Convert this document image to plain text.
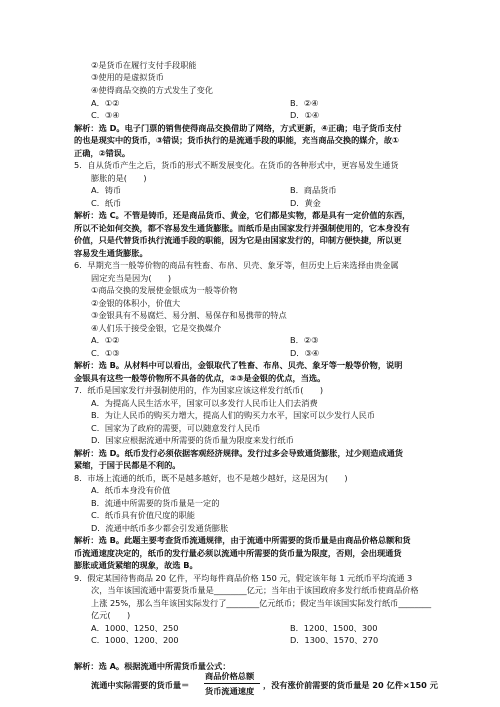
②是货币在履行支付手段职能
③使用的是虚拟货币
④使得商品交换的方式发生了变化
A．①②	B．②④
C．③④	D．①④
解析：选 D。电子门票的销售使得商品交换借助了网络，方式更新，④正确；电子货币支付
的也是现实中的货币，③错误；货币执行的是流通手段的职能，充当商品交换的媒介，故①
正确，②错误。
5．自从货币产生之后，货币的形式不断发展变化。在货币的各种形式中，更容易发生通货
膨胀的是(　　)
A．铸币	B．商品货币
C．纸币	D．黄金
解析：选 C。不管是铸币，还是商品货币、黄金，它们都是实物，都是具有一定价值的东西，
所以不论如何交换，都不容易发生通货膨胀。而纸币是由国家发行并强制使用的，它本身没有
价值，只是代替货币执行流通手段的职能，因为它是由国家发行的，印制方便快捷，所以更
容易发生通货膨胀。
6．早期充当一般等价物的商品有牲畜、布帛、贝壳、象牙等，但历史上后来选择由贵金属
固定充当是因为(　　)
①商品交换的发展使金银成为一般等价物
②金银的体积小，价值大
③金银具有不易腐烂、易分割、易保存和易携带的特点
④人们乐于接受金银，它是交换媒介
A．①②	B．②③
C．①③	D．③④
解析：选 B。从材料中可以看出，金银取代了牲畜、布帛、贝壳、象牙等一般等价物，说明
金银具有这些一般等价物所不具备的优点，②③是金银的优点，当选。
7．纸币是国家发行并强制使用的，作为国家应该这样发行纸币(　　)
A．为提高人民生活水平，国家可以多发行人民币让人们去消费
B．为让人民币的购买力增大，提高人们的购买力水平，国家可以少发行人民币
C．国家为了政府的需要，可以随意发行人民币
D．国家应根据流通中所需要的货币量为限度来发行纸币
解析：选 D。纸币发行必须依据客观经济规律。发行过多会导致通货膨胀，过少则造成通货
紧缩，于国于民都是不利的。
8．市场上流通的纸币，既不是越多越好，也不是越少越好，这是因为(　　)
A．纸币本身没有价值
B．流通中所需要的货币量是一定的
C．纸币具有价值尺度的职能
D．流通中纸币多少都会引发通货膨胀
解析：选 B。此题主要考查货币流通规律，由于流通中所需要的货币量是由商品价格总额和货
币流通速度决定的，纸币的发行量必须以流通中所需要的货币量为限度，否则，会出现通货
膨胀或通货紧缩的现象，故选 B。
9．假定某国待售商品 20 亿件，平均每件商品价格 150 元，假定该年每 1 元纸币平均流通 3
次，当年该国流通中需要货币量是________亿元；当年由于该国政府多发行纸币使商品价格
上涨 25%，那么当年该国实际发行了________亿元纸币；假定当年该国实际发行纸币________
亿元(　　)
A．1000、1250、250	B．1200、1500、300
C．1000、1200、200	D．1300、1570、270
解析：选 A。根据流通中所需货币量公式：
流通中实际需要的货币量＝
商品价格总额
货币流通速度
，没有涨价前需要的货币量是 20 亿件×150 元
